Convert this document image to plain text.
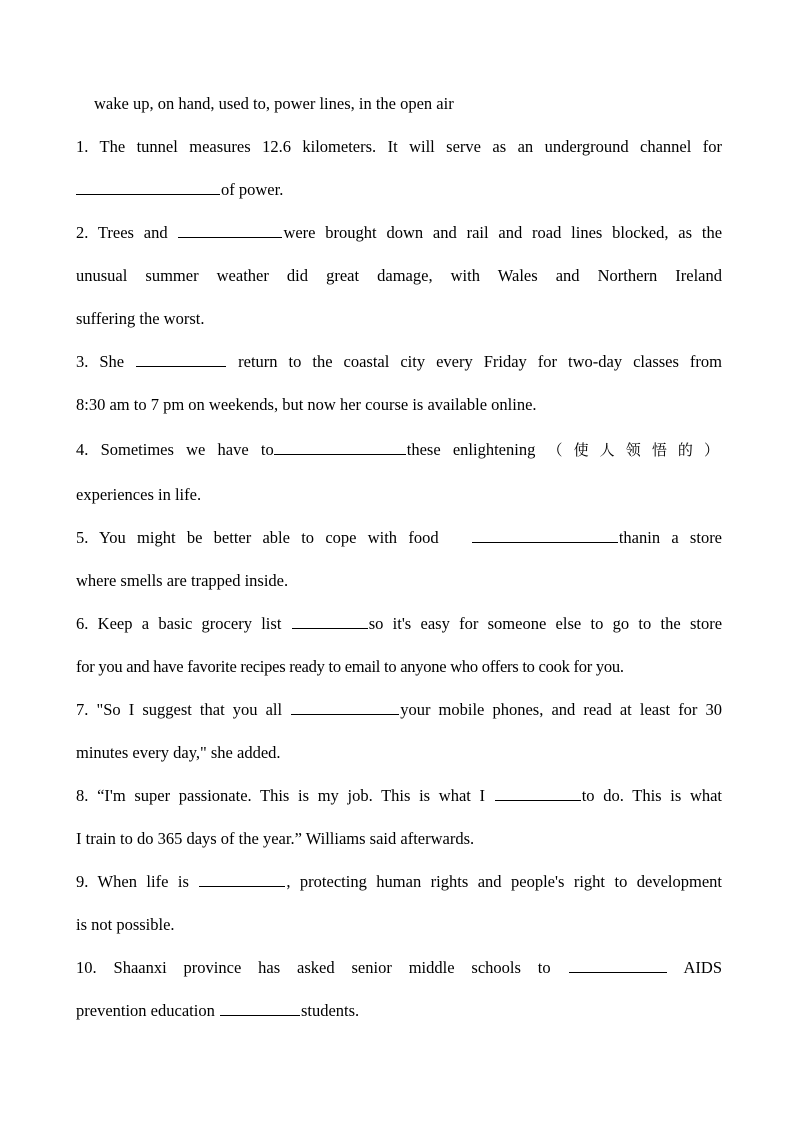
wake up, on hand, used to, power lines, in the open air
1. The tunnel measures 12.6 kilometers. It will serve as an underground channel for
of power.
2. Trees and	were brought down and rail and road lines blocked, as the
unusual summer weather did great damage, with Wales and Northern Ireland
suffering the worst.
3. She	return to the coastal city every Friday for two-day classes from
8:30 am to 7 pm on weekends, but now her course is available online.
4. Sometimes we have to	these enlightening （使人领悟的）
experiences in life.
5. You might be better able to cope with food	thanin a store
where smells are trapped inside.
6. Keep a basic grocery list	so it's easy for someone else to go to the store
for you and have favorite recipes ready to email to anyone who offers to cook for you.
7. "So I suggest that you all	your mobile phones, and read at least for 30
minutes every day," she added.
8. “I'm super passionate. This is my job. This is what I	to do. This is what
I train to do 365 days of the year.” Williams said afterwards.
9. When life is	, protecting human rights and people's right to development
is not possible.
10. Shaanxi province has asked senior middle schools to	AIDS
prevention education	students.
